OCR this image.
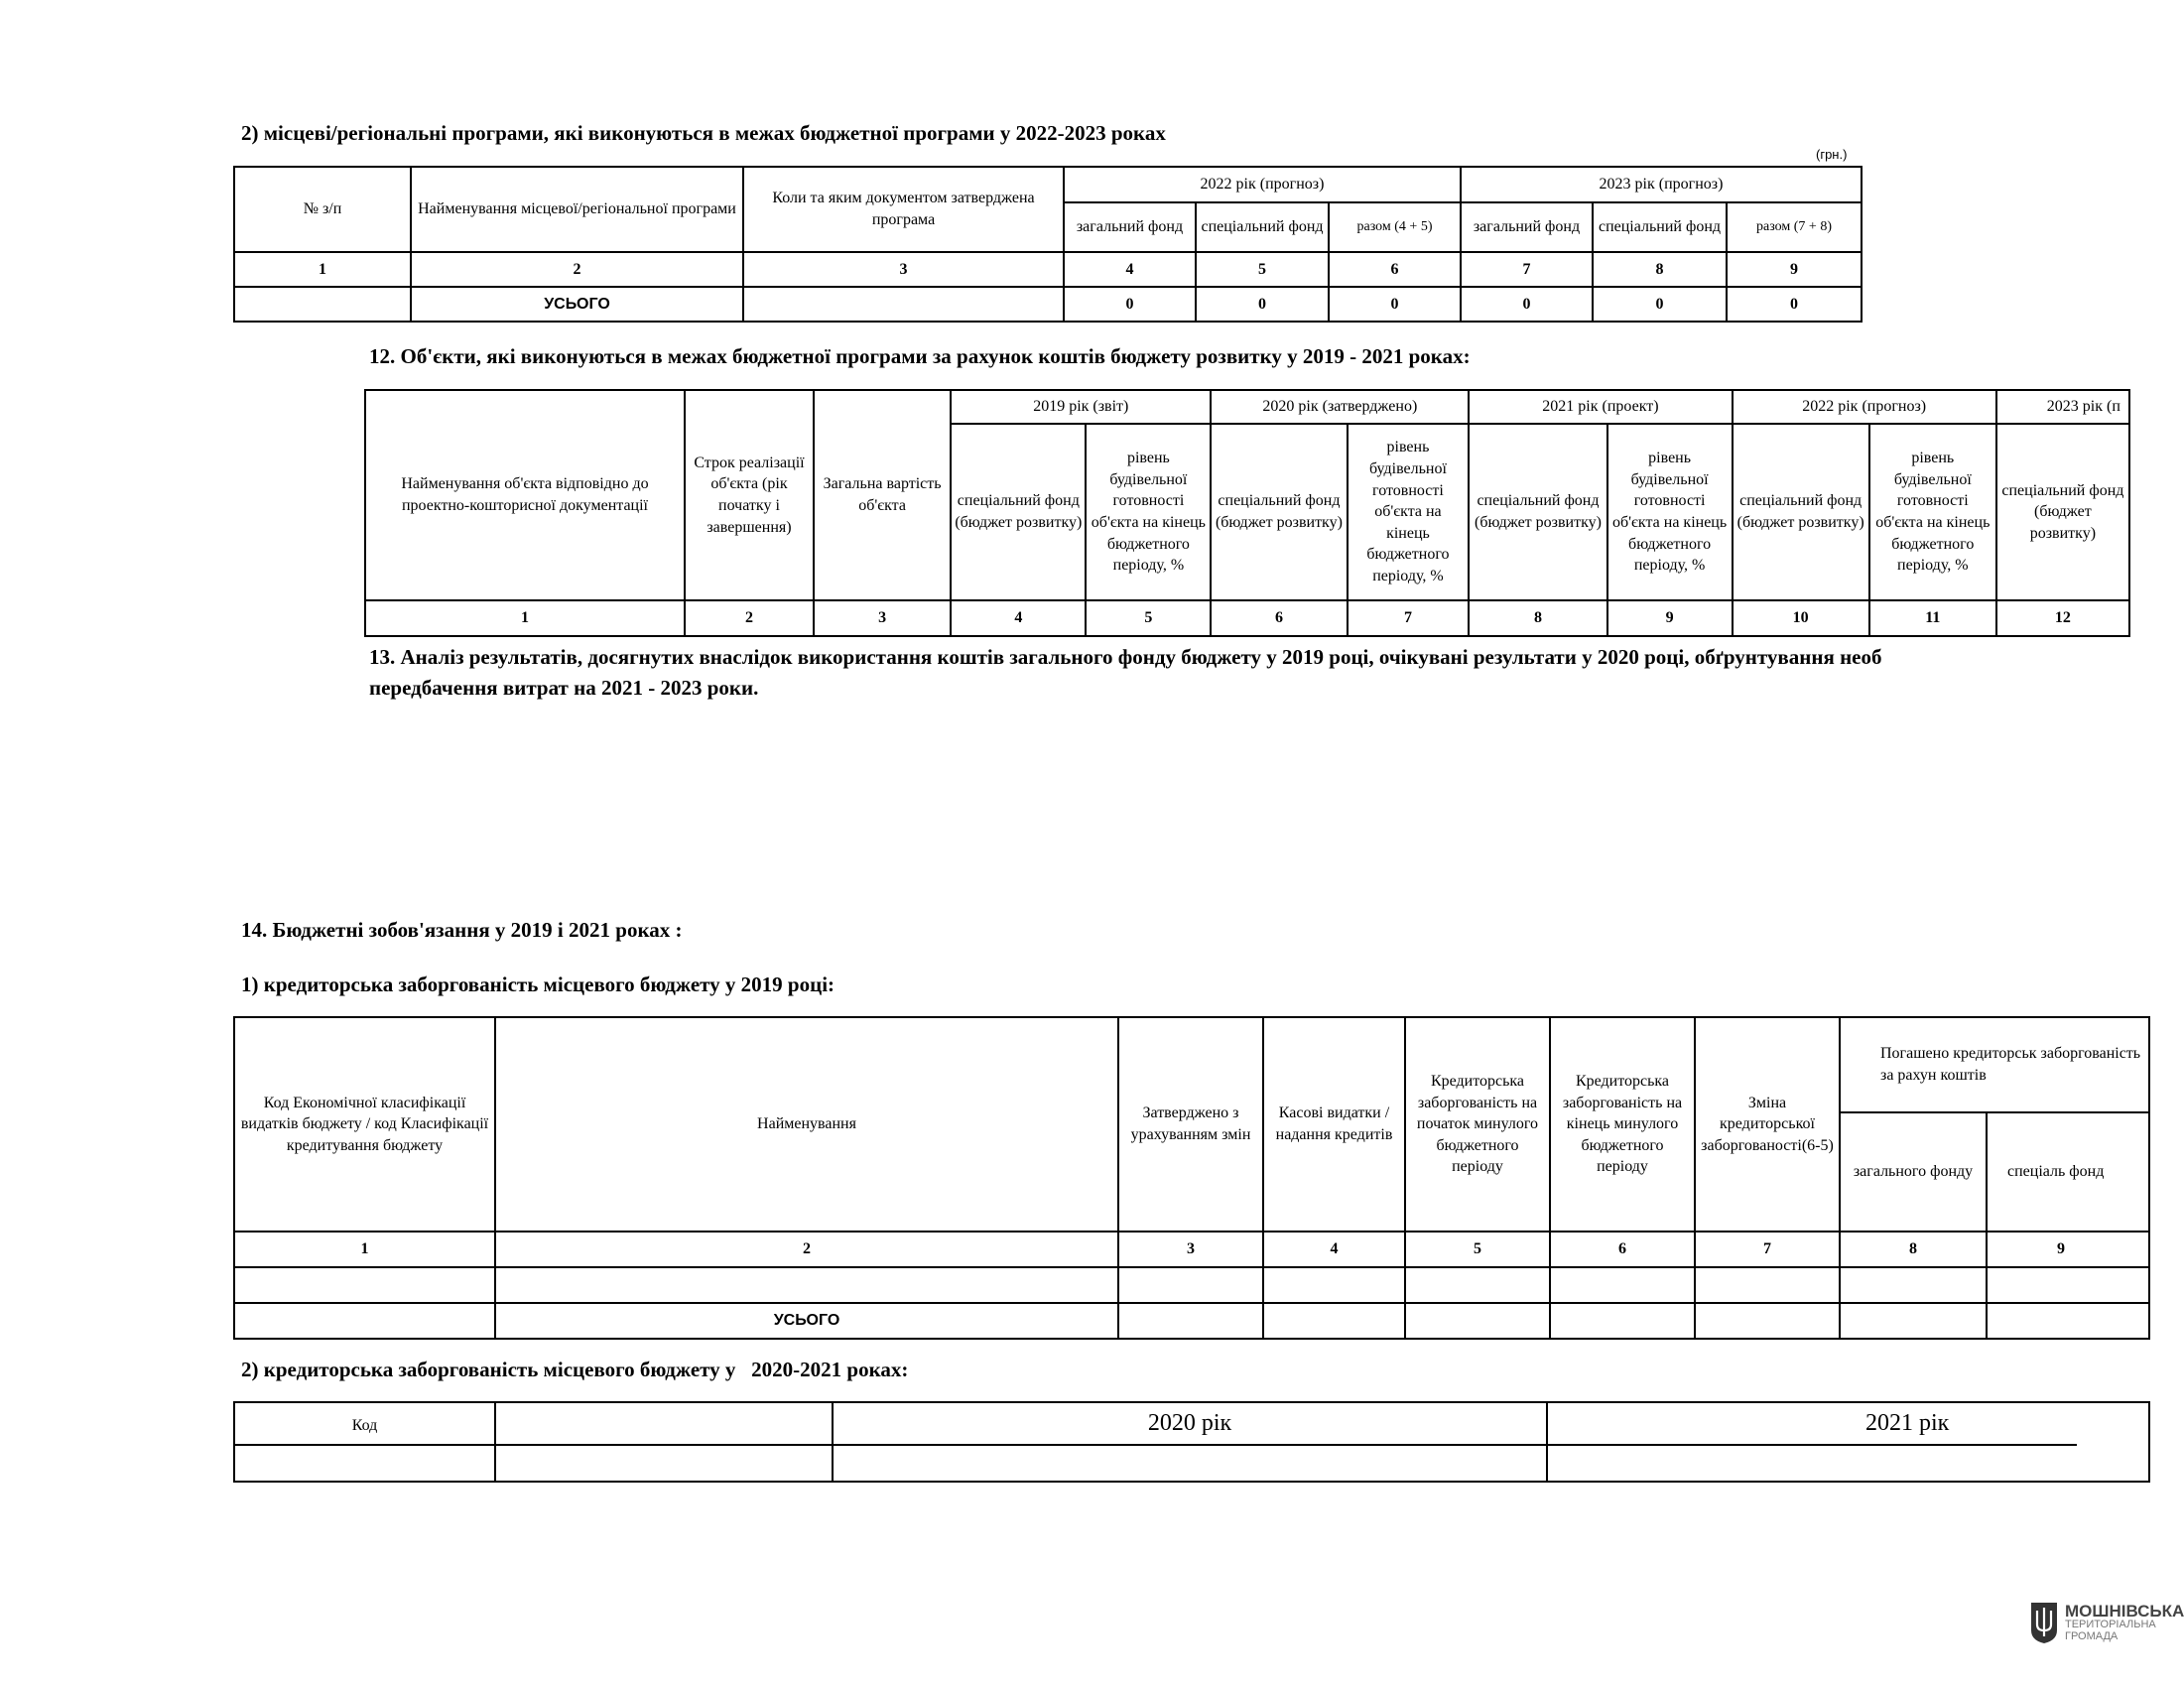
2) місцеві/регіональні програми, які виконуються в межах бюджетної програми у 2022-2023 роках
(грн.)
№ з/п	Найменування місцевої/регіональної програми	Коли та яким документом затверджена програма	2022 рік (прогноз)			2023 рік (прогноз)		
			загальний фонд	спеціальний фонд	разом (4 + 5)	загальний фонд	спеціальний фонд	разом (7 + 8)
1	2	3	4	5	6	7	8	9
	УСЬОГО		0	0	0	0	0	0
12. Об'єкти, які виконуються в межах бюджетної програми за рахунок коштів бюджету розвитку у 2019 - 2021 роках:
Найменування об'єкта відповідно до проектно-кошторисної документації	Строк реалізації об'єкта (рік початку і завершення)	Загальна вартість об'єкта	2019 рік (звіт)		2020 рік (затверджено)		2021 рік (проект)		2022 рік (прогноз)		2023 рік (п
			спеціальний фонд (бюджет розвитку)	рівень будівельної готовності об'єкта на кінець бюджетного періоду, %	спеціальний фонд (бюджет розвитку)	рівень будівельної готовності об'єкта на кінець бюджетного періоду, %	спеціальний фонд (бюджет розвитку)	рівень будівельної готовності об'єкта на кінець бюджетного періоду, %	спеціальний фонд (бюджет розвитку)	рівень будівельної готовності об'єкта на кінець бюджетного періоду, %	спеціальний фонд (бюджет розвитку)
1	2	3	4	5	6	7	8	9	10	11	12
13. Аналіз результатів, досягнутих внаслідок використання коштів загального фонду бюджету у 2019 році, очікувані результати у 2020 році, обґрунтування необ
передбачення витрат на 2021 - 2023 роки.
14. Бюджетні зобов'язання у 2019 і 2021 роках :
1) кредиторська заборгованість місцевого бюджету у 2019 році:
Код Економічної класифікації видатків бюджету / код Класифікації кредитування бюджету	Найменування	Затверджено з урахуванням змін	Касові видатки / надання кредитів	Кредиторська заборгованість на початок минулого бюджетного періоду	Кредиторська заборгованість на кінець минулого бюджетного періоду	Зміна кредиторської заборгованості(6-5)	Погашено кредиторськ заборгованість за рахун коштів	
							загального фонду	спеціаль фонд
1	2	3	4	5	6	7	8	9

	УСЬОГО							
2) кредиторська заборгованість місцевого бюджету у   2020-2021 роках:
Код		2020 рік	2021 рік
МОШНІВСЬКА
ТЕРИТОРІАЛЬНА
ГРОМАДА
